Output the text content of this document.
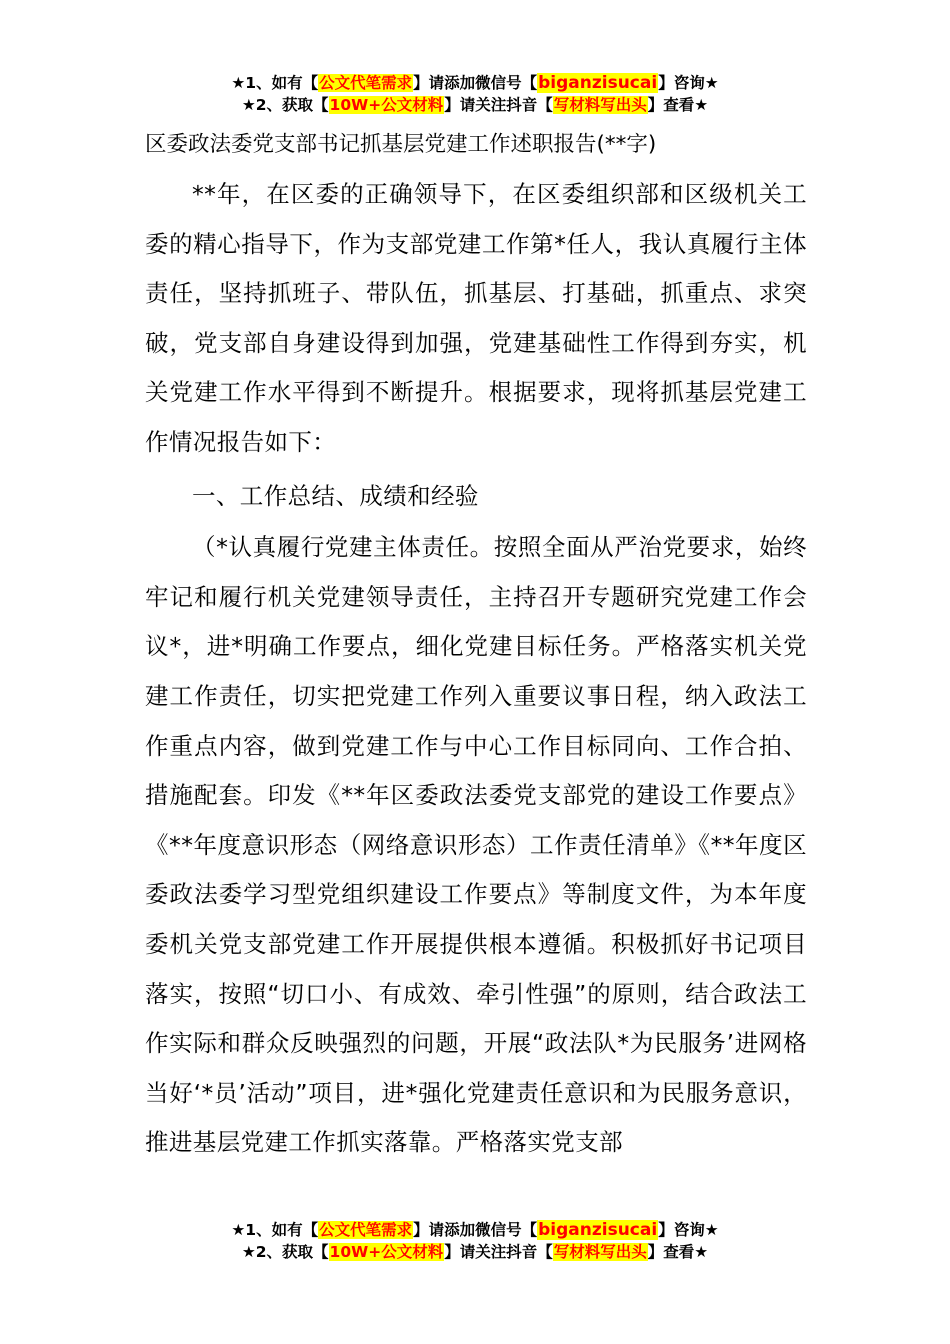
★1、如有【公文代笔需求】请添加微信号【biganzisucai】咨询★
★2、获取【10W+公文材料】请关注抖音【写材料写出头】查看★
区委政法委党支部书记抓基层党建工作述职报告(**字)

**年，在区委的正确领导下，在区委组织部和区级机关工委的精心指导下，作为支部党建工作第*任人，我认真履行主体责任，坚持抓班子、带队伍，抓基层、打基础，抓重点、求突破，党支部自身建设得到加强，党建基础性工作得到夯实，机关党建工作水平得到不断提升。根据要求，现将抓基层党建工作情况报告如下：

一、工作总结、成绩和经验

（*认真履行党建主体责任。按照全面从严治党要求，始终牢记和履行机关党建领导责任，主持召开专题研究党建工作会议*，进*明确工作要点，细化党建目标任务。严格落实机关党建工作责任，切实把党建工作列入重要议事日程，纳入政法工作重点内容，做到党建工作与中心工作目标同向、工作合拍、措施配套。印发《**年区委政法委党支部党的建设工作要点》《**年度意识形态（网络意识形态）工作责任清单》《**年度区委政法委学习型党组织建设工作要点》等制度文件，为本年度委机关党支部党建工作开展提供根本遵循。积极抓好书记项目落实，按照“切口小、有成效、牵引性强”的原则，结合政法工作实际和群众反映强烈的问题，开展“政法队*为民服务’进网格当好‘*员’活动”项目，进*强化党建责任意识和为民服务意识，推进基层党建工作抓实落靠。严格落实党支部

★1、如有【公文代笔需求】请添加微信号【biganzisucai】咨询★
★2、获取【10W+公文材料】请关注抖音【写材料写出头】查看★
